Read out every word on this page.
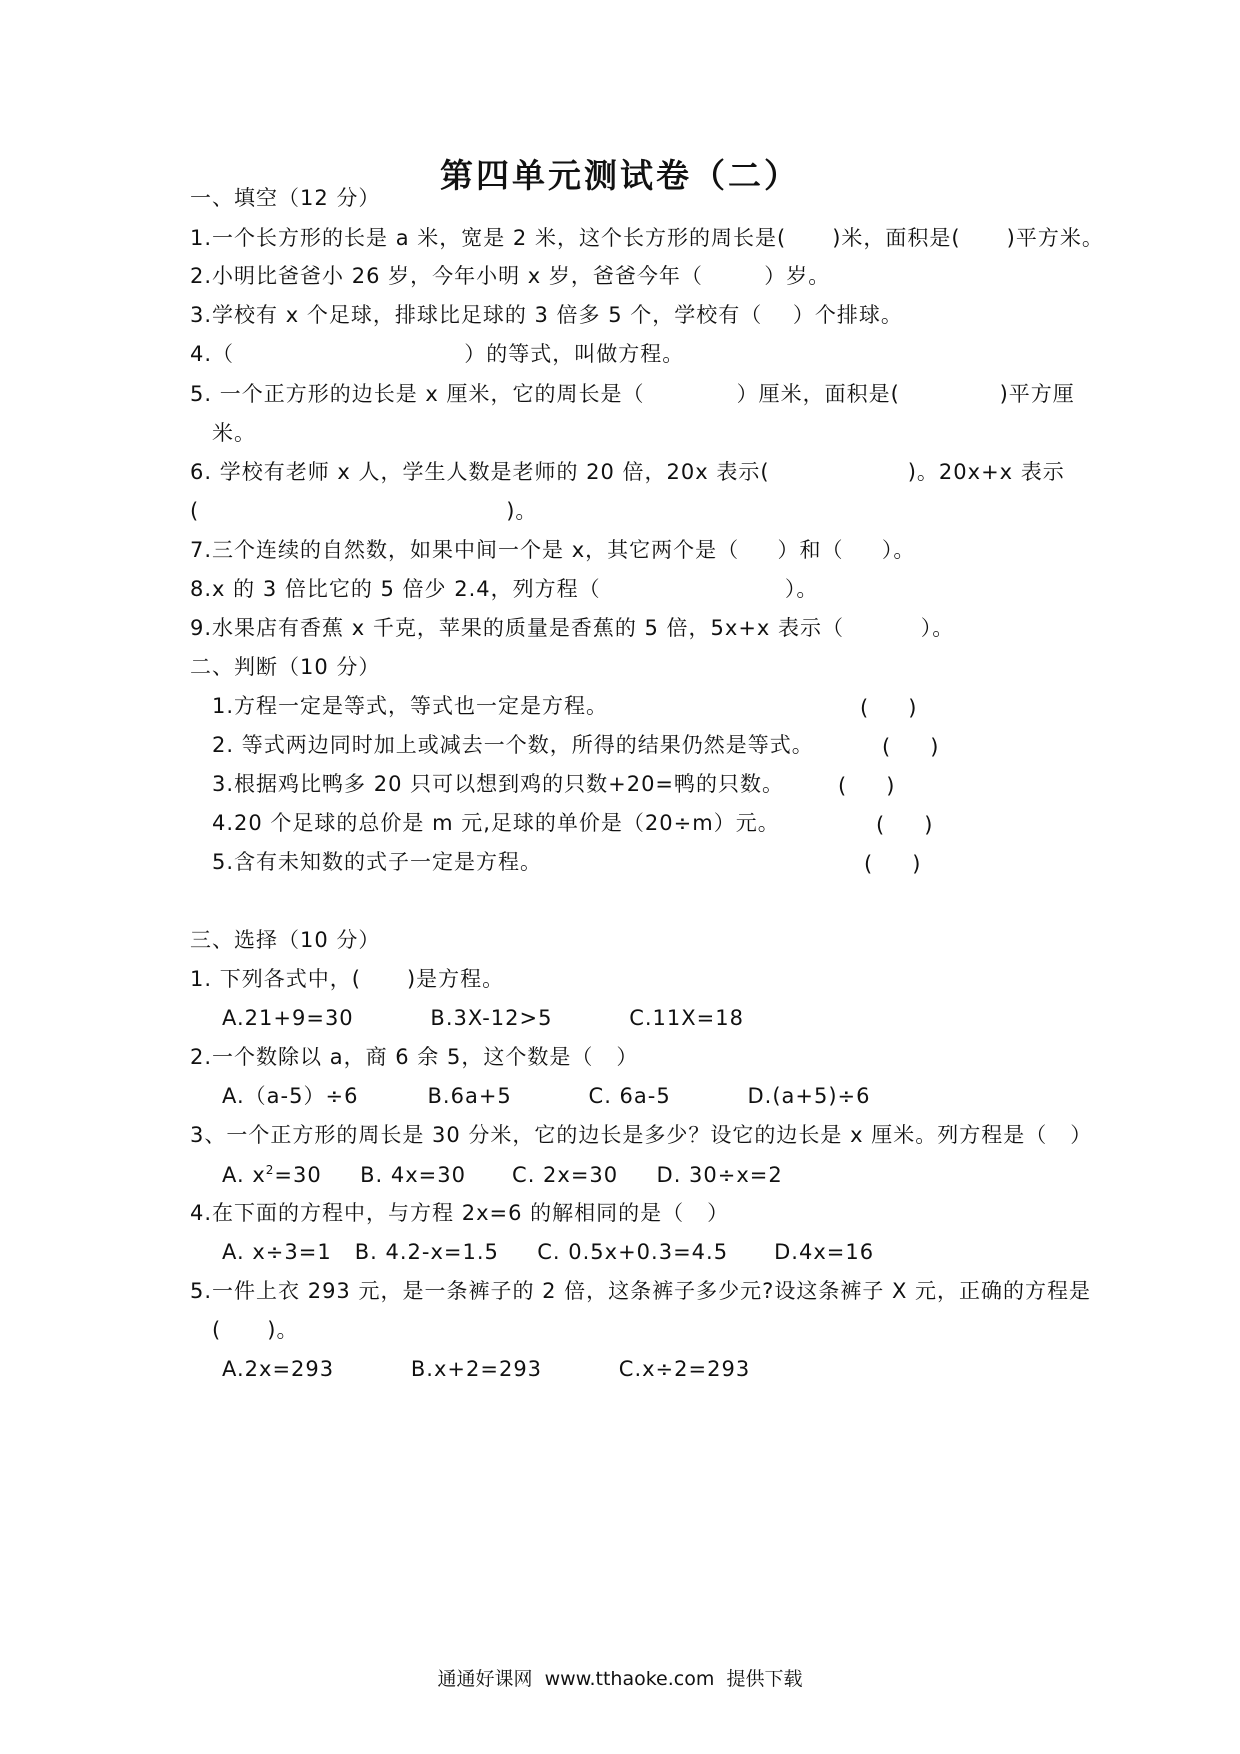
第四单元测试卷（二）
一、填空（12 分）
1.一个长方形的长是 a 米，宽是 2 米，这个长方形的周长是(      )米，面积是(      )平方米。
2.小明比爸爸小 26 岁，今年小明 x 岁，爸爸今年（        ）岁。
3.学校有 x 个足球，排球比足球的 3 倍多 5 个，学校有（    ）个排球。
4.（                              ）的等式，叫做方程。
5. 一个正方形的边长是 x 厘米，它的周长是（            ）厘米，面积是(             )平方厘
米。
6. 学校有老师 x 人，学生人数是老师的 20 倍，20x 表示(                  )。20x+x 表示
(                                        )。
7.三个连续的自然数，如果中间一个是 x，其它两个是（     ）和（     ）。
8.x 的 3 倍比它的 5 倍少 2.4，列方程（                        ）。
9.水果店有香蕉 x 千克，苹果的质量是香蕉的 5 倍，5x+x 表示（          ）。
二、判断（10 分）
1.方程一定是等式，等式也一定是方程。	(      )
2. 等式两边同时加上或减去一个数，所得的结果仍然是等式。	(      )
3.根据鸡比鸭多 20 只可以想到鸡的只数+20=鸭的只数。	(      )
4.20 个足球的总价是 m 元,足球的单价是（20÷m）元。	(      )
5.含有未知数的式子一定是方程。	(      )
三、选择（10 分）
1. 下列各式中，(      )是方程。
A.21+9=30          B.3X-12>5          C.11X=18
2.一个数除以 a，商 6 余 5，这个数是（   ）
A.（a-5）÷6         B.6a+5          C. 6a-5          D.(a+5)÷6
3、一个正方形的周长是 30 分米，它的边长是多少？设它的边长是 x 厘米。列方程是（   ）
A. $x^2=30$     B. 4x=30      C. 2x=30     D. 30÷x=2
4.在下面的方程中，与方程 2x=6 的解相同的是（   ）
A. x÷3=1   B. 4.2-x=1.5     C. 0.5x+0.3=4.5      D.4x=16
5.一件上衣 293 元，是一条裤子的 2 倍，这条裤子多少元?设这条裤子 X 元，正确的方程是
(      )。
A.2x=293          B.x+2=293          C.x÷2=293
通通好课网  www.tthaoke.com  提供下载
